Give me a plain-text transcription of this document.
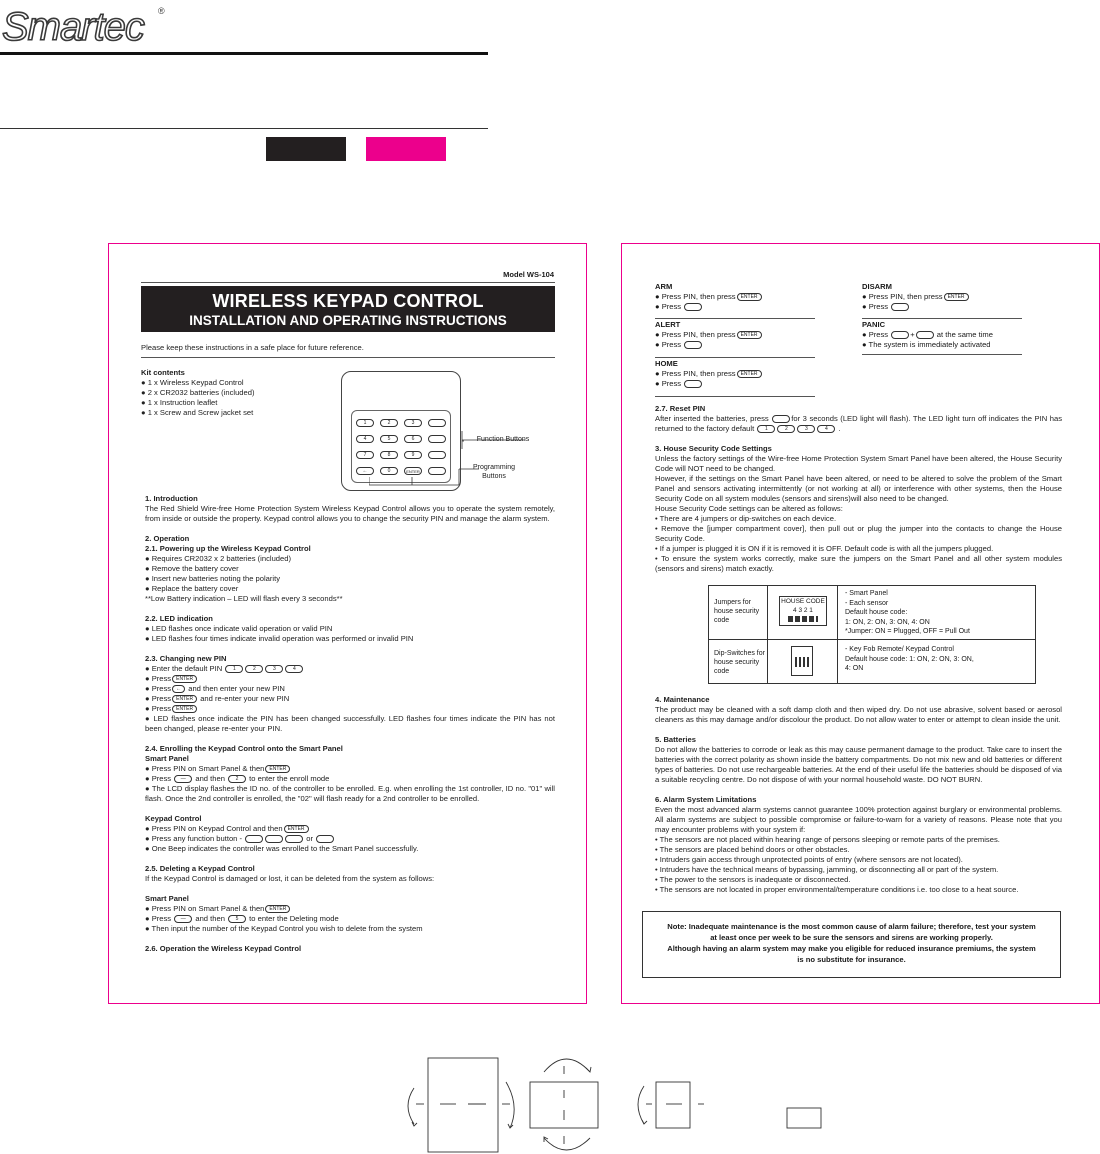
Smartec ®
Model WS-104
WIRELESS KEYPAD CONTROL
INSTALLATION AND OPERATING INSTRUCTIONS
Please keep these instructions in a safe place for future reference.
Kit contents
● 1 x Wireless Keypad Control
● 2 x CR2032 batteries (included)
● 1 x Instruction leaflet
● 1 x Screw and Screw jacket set
1	2	3
4	5	6
7	8	9
←	0	ENTER
Function Buttons
Programming Buttons
1. Introduction
The Red Shield Wire-free Home Protection System Wireless Keypad Control allows you to operate the system remotely, from inside or outside the property. Keypad control allows you to change the security PIN and manage the alarm system.
2. Operation
2.1. Powering up the Wireless Keypad Control
● Requires CR2032 x 2 batteries (included)
● Remove the battery cover
● Insert new batteries noting the polarity
● Replace the battery cover
**Low Battery indication – LED will flash every 3 seconds**
2.2. LED indication
● LED flashes once indicate valid operation or valid PIN
● LED flashes four times indicate invalid operation was performed or invalid PIN
2.3. Changing new PIN
● Enter the default PIN 1	2	3	4
● Press ENTER
● Press ← and then enter your new PIN
● Press ENTER and re-enter your new PIN
● Press ENTER
● LED flashes once indicate the PIN has been changed successfully. LED flashes four times indicate the PIN has not been changed, please re-enter your PIN.
2.4. Enrolling the Keypad Control onto the Smart Panel
Smart Panel
● Press PIN on Smart Panel & then ENTER
● Press — and then 2 to enter the enroll mode
● The LCD display flashes the ID no. of the controller to be enrolled. E.g. when enrolling the 1st controller, ID no. "01" will flash. Once the 2nd controller is enrolled, the "02" will flash ready for a 2nd controller to be enrolled.
Keypad Control
● Press PIN on Keypad Control and then ENTER
● Press any function button -	or
● One Beep indicates the controller was enrolled to the Smart Panel successfully.
2.5. Deleting a Keypad Control
If the Keypad Control is damaged or lost, it can be deleted from the system as follows:
Smart Panel
● Press PIN on Smart Panel & then ENTER
● Press — and then 5 to enter the Deleting mode
● Then input the number of the Keypad Control you wish to delete from the system
2.6. Operation the Wireless Keypad Control
ARM
● Press PIN, then press ENTER
● Press
ALERT
● Press PIN, then press ENTER
● Press
HOME
● Press PIN, then press ENTER
● Press
DISARM
● Press PIN, then press ENTER
● Press
PANIC
● Press	+	at the same time
● The system is immediately activated
2.7. Reset PIN
After inserted the batteries, press	for 3 seconds (LED light will flash). The LED light turn off indicates the PIN has returned to the factory default 1	2	3	4 .
3. House Security Code Settings
Unless the factory settings of the Wire-free Home Protection System Smart Panel have been altered, the House Security Code will NOT need to be changed.
However, if the settings on the Smart Panel have been altered, or need to be altered to solve the problem of the Smart Panel and sensors activating intermittently (or not working at all) or interference with other systems, then the House Security Code on all system modules (sensors and sirens)will also need to be changed.
House Security Code settings can be altered as follows:
• There are 4 jumpers or dip-switches on each device.
• Remove the [jumper compartment cover], then pull out or plug the jumper into the contacts to change the House Security Code.
• If a jumper is plugged it is ON if it is removed it is OFF. Default code is with all the jumpers plugged.
• To ensure the system works correctly, make sure the jumpers on the Smart Panel and all other system modules (sensors and sirens) match exactly.
Jumpers for house security code
HOUSE CODE
4 3 2 1
- Smart Panel
- Each sensor
Default house code:
1: ON, 2: ON, 3: ON, 4: ON
*Jumper: ON = Plugged, OFF = Pull Out
Dip-Switches for house security code
- Key Fob Remote/ Keypad Control
Default house code: 1: ON, 2: ON, 3: ON,
4: ON
4. Maintenance
The product may be cleaned with a soft damp cloth and then wiped dry. Do not use abrasive, solvent based or aerosol cleaners as this may damage and/or discolour the product. Do not allow water to enter or attempt to clean inside the unit.
5. Batteries
Do not allow the batteries to corrode or leak as this may cause permanent damage to the product. Take care to insert the batteries with the correct polarity as shown inside the battery compartments. Do not mix new and old batteries or different types of batteries. Do not use rechargeable batteries. At the end of their useful life the batteries should be disposed of via a suitable recycling centre. Do not dispose of with your normal household waste. DO NOT BURN.
6. Alarm System Limitations
Even the most advanced alarm systems cannot guarantee 100% protection against burglary or environmental problems. All alarm systems are subject to possible compromise or failure-to-warn for a variety of reasons. Please note that you may encounter problems with your system if:
• The sensors are not placed within hearing range of persons sleeping or remote parts of the premises.
• The sensors are placed behind doors or other obstacles.
• Intruders gain access through unprotected points of entry (where sensors are not located).
• Intruders have the technical means of bypassing, jamming, or disconnecting all or part of the system.
• The power to the sensors is inadequate or disconnected.
• The sensors are not located in proper environmental/temperature conditions i.e. too close to a heat source.
Note: Inadequate maintenance is the most common cause of alarm failure; therefore, test your system
at least once per week to be sure the sensors and sirens are working properly.
Although having an alarm system may make you eligible for reduced insurance premiums, the system
is no substitute for insurance.
